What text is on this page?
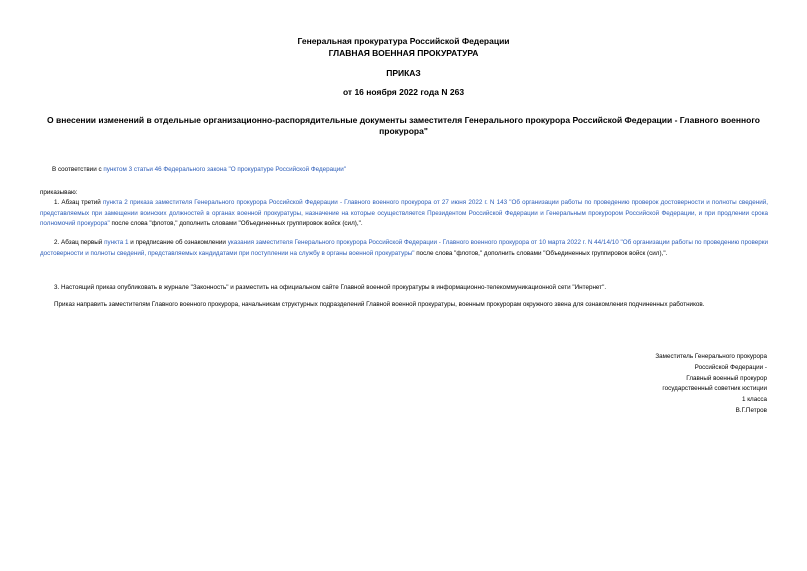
Генеральная прокуратура Российской Федерации
ГЛАВНАЯ ВОЕННАЯ ПРОКУРАТУРА
ПРИКАЗ
от 16 ноября 2022 года N 263
О внесении изменений в отдельные организационно-распорядительные документы заместителя Генерального прокурора Российской Федерации - Главного военного прокурора"
В соответствии с пунктом 3 статьи 46 Федерального закона "О прокуратуре Российской Федерации"
приказываю:
1. Абзац третий пункта 2 приказа заместителя Генерального прокурора Российской Федерации - Главного военного прокурора от 27 июня 2022 г. N 143 "Об организации работы по проведению проверок достоверности и полноты сведений, представляемых при замещении воинских должностей в органах военной прокуратуры, назначение на которые осуществляется Президентом Российской Федерации и Генеральным прокурором Российской Федерации, и при продлении срока полномочий прокурора" после слова "флотов," дополнить словами "Объединенных группировок войск (сил),".
2. Абзац первый пункта 1 и предписание об ознакомлении указания заместителя Генерального прокурора Российской Федерации - Главного военного прокурора от 10 марта 2022 г. N 44/14/10 "Об организации работы по проведению проверки достоверности и полноты сведений, представляемых кандидатами при поступлении на службу в органы военной прокуратуры" после слова "флотов," дополнить словами "Объединенных группировок войск (сил),".
3. Настоящий приказ опубликовать в журнале "Законность" и разместить на официальном сайте Главной военной прокуратуры в информационно-телекоммуникационной сети "Интернет".
Приказ направить заместителям Главного военного прокурора, начальникам структурных подразделений Главной военной прокуратуры, военным прокурорам окружного звена для ознакомления подчиненных работников.
Заместитель Генерального прокурора
Российской Федерации -
Главный военный прокурор
государственный советник юстиции
1 класса
В.Г.Петров
